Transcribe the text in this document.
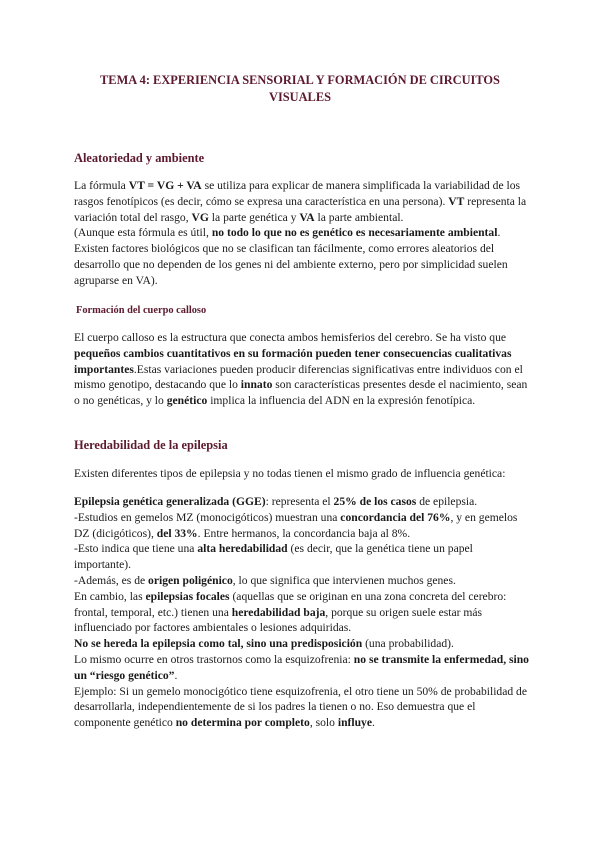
TEMA 4: EXPERIENCIA SENSORIAL Y FORMACIÓN DE CIRCUITOS VISUALES
Aleatoriedad y ambiente

La fórmula VT = VG + VA se utiliza para explicar de manera simplificada la variabilidad de los rasgos fenotípicos (es decir, cómo se expresa una característica en una persona). VT representa la variación total del rasgo, VG la parte genética y VA la parte ambiental.

(Aunque esta fórmula es útil, no todo lo que no es genético es necesariamente ambiental. Existen factores biológicos que no se clasifican tan fácilmente, como errores aleatorios del desarrollo que no dependen de los genes ni del ambiente externo, pero por simplicidad suelen agruparse en VA).

Formación del cuerpo calloso

El cuerpo calloso es la estructura que conecta ambos hemisferios del cerebro. Se ha visto que pequeños cambios cuantitativos en su formación pueden tener consecuencias cualitativas importantes.Estas variaciones pueden producir diferencias significativas entre individuos con el mismo genotipo, destacando que lo innato son características presentes desde el nacimiento, sean o no genéticas, y lo genético implica la influencia del ADN en la expresión fenotípica.

Heredabilidad de la epilepsia

Existen diferentes tipos de epilepsia y no todas tienen el mismo grado de influencia genética:

Epilepsia genética generalizada (GGE): representa el 25% de los casos de epilepsia.

-Estudios en gemelos MZ (monocigóticos) muestran una concordancia del 76%, y en gemelos DZ (dicigóticos), del 33%. Entre hermanos, la concordancia baja al 8%.

-Esto indica que tiene una alta heredabilidad (es decir, que la genética tiene un papel importante).

-Además, es de origen poligénico, lo que significa que intervienen muchos genes.

En cambio, las epilepsias focales (aquellas que se originan en una zona concreta del cerebro: frontal, temporal, etc.) tienen una heredabilidad baja, porque su origen suele estar más influenciado por factores ambientales o lesiones adquiridas.

No se hereda la epilepsia como tal, sino una predisposición (una probabilidad).

Lo mismo ocurre en otros trastornos como la esquizofrenia: no se transmite la enfermedad, sino un “riesgo genético”.

Ejemplo: Si un gemelo monocigótico tiene esquizofrenia, el otro tiene un 50% de probabilidad de desarrollarla, independientemente de si los padres la tienen o no. Eso demuestra que el componente genético no determina por completo, solo influye.
